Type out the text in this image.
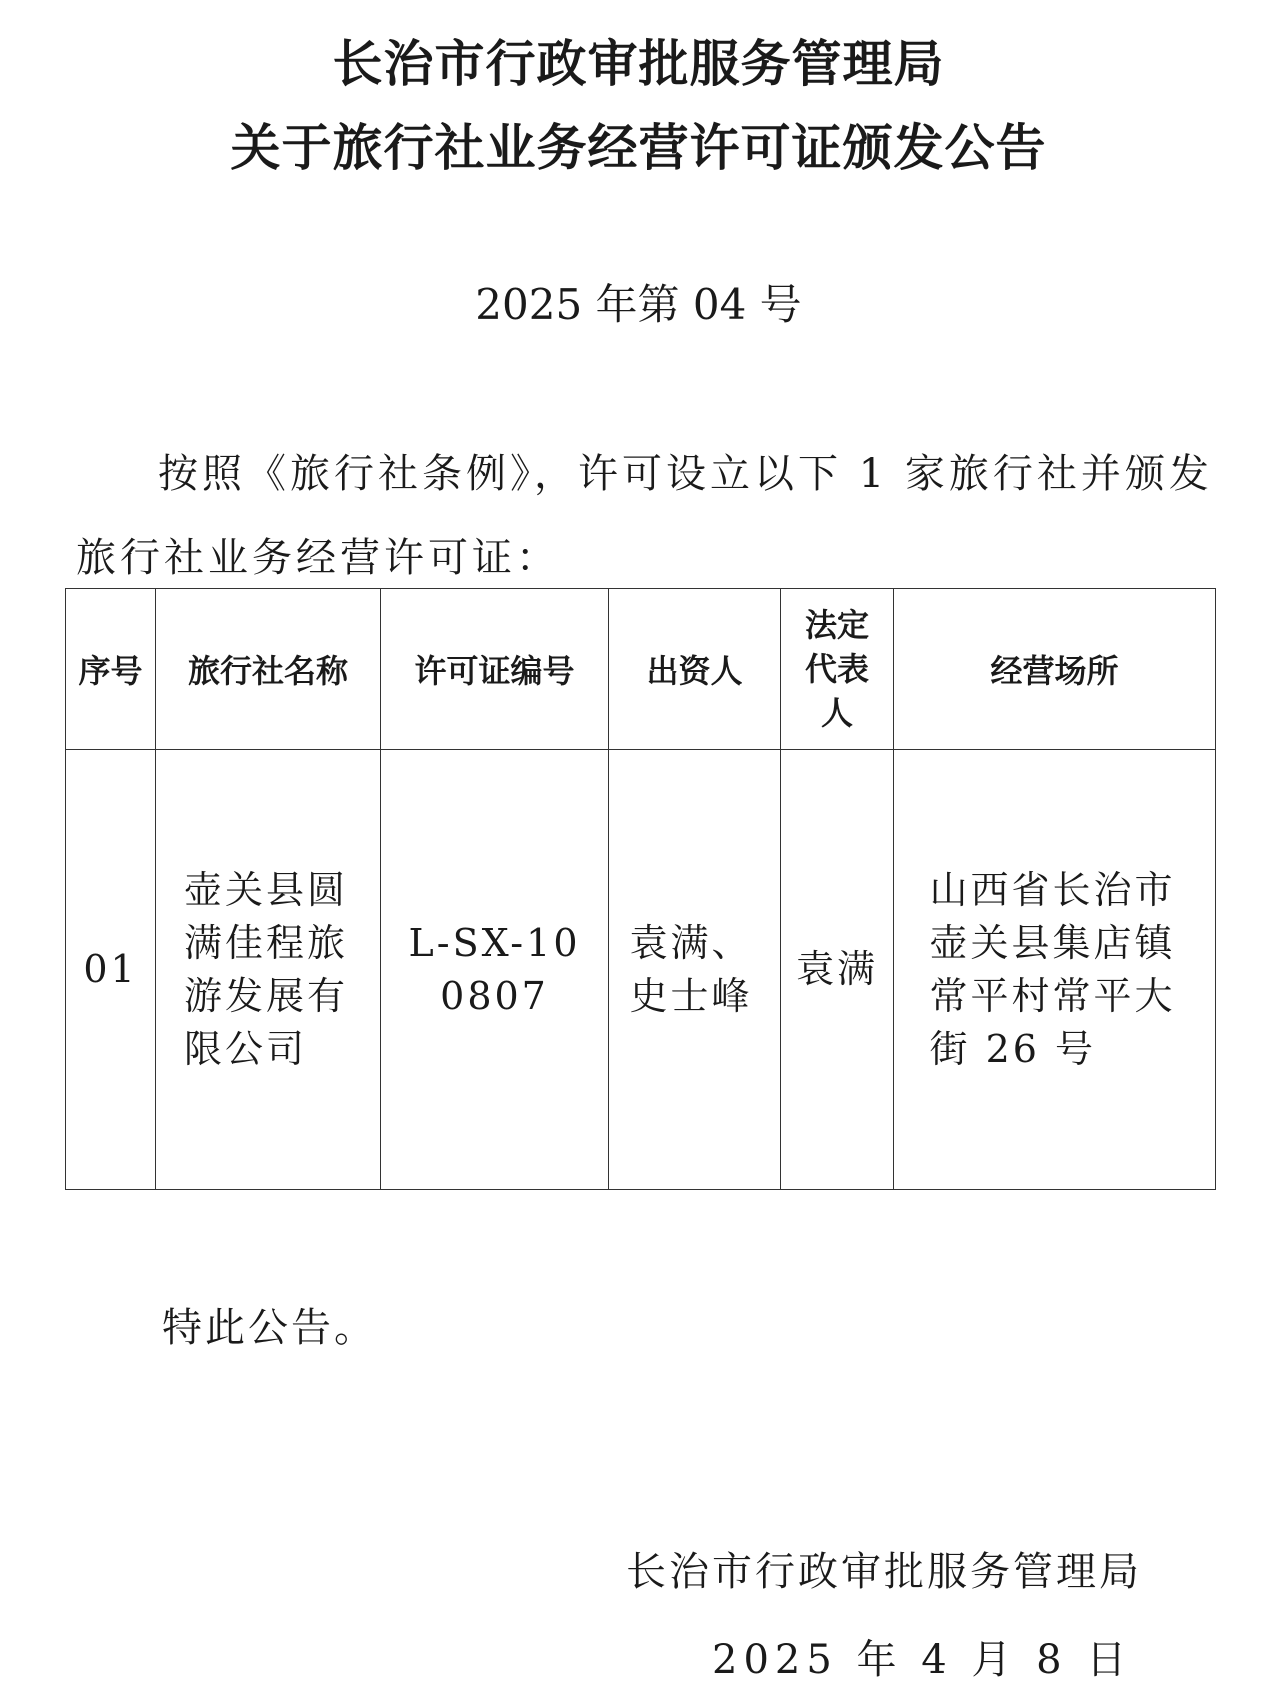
长治市行政审批服务管理局
关于旅行社业务经营许可证颁发公告
2025 年第 04 号
按照《旅行社条例》，许可设立以下 1 家旅行社并颁发
旅行社业务经营许可证：
序号	旅行社名称	许可证编号	出资人	法定代表人	经营场所
01	壶关县圆满佳程旅游发展有限公司	L-SX-100807	袁满、史士峰	袁满	山西省长治市壶关县集店镇常平村常平大街 26 号
特此公告。
长治市行政审批服务管理局
2025 年 4 月 8 日
